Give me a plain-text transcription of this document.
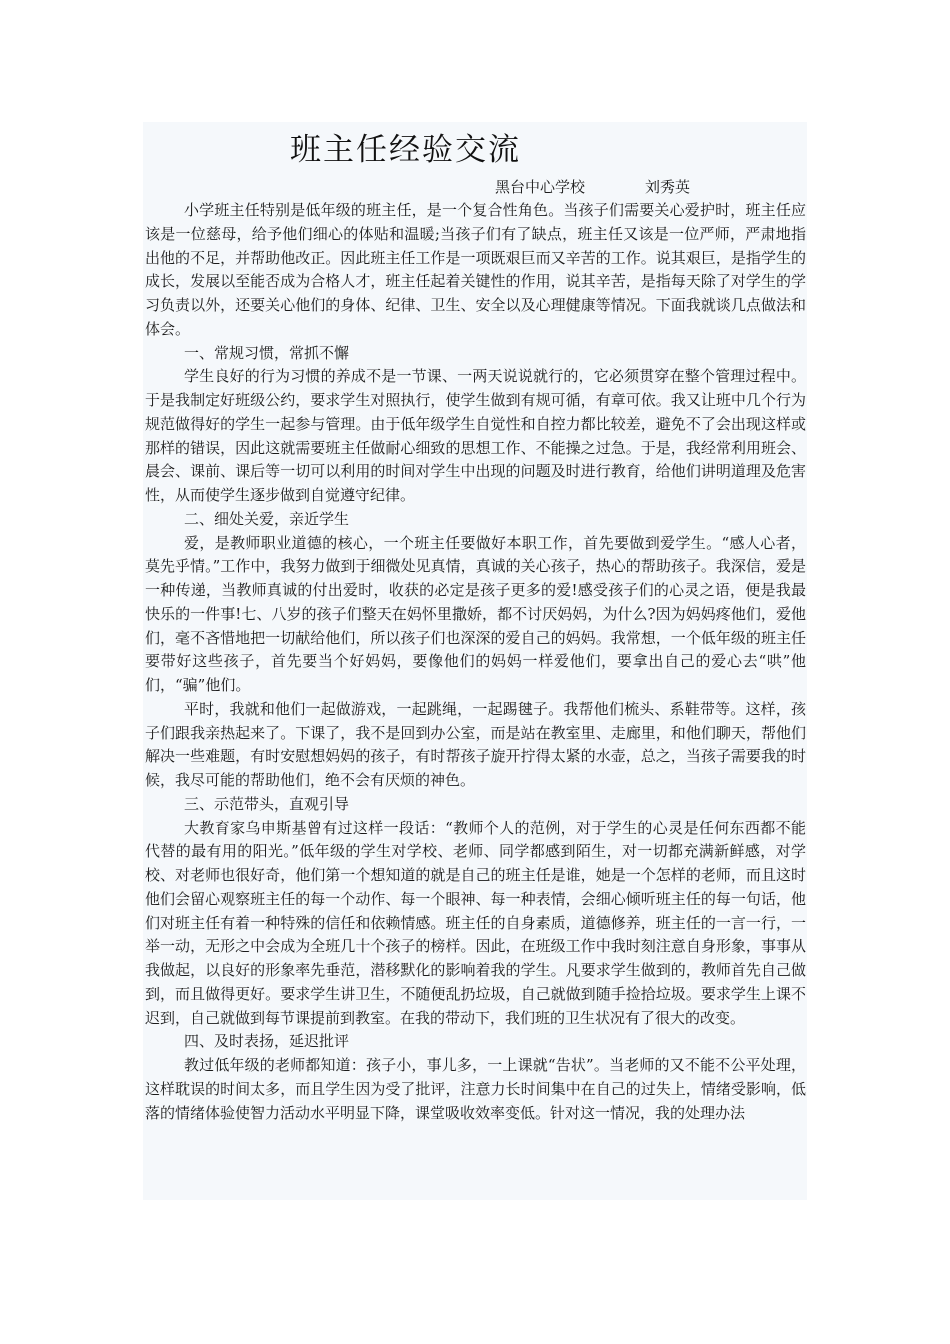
班主任经验交流
黑台中心学校	刘秀英

小学班主任特别是低年级的班主任，是一个复合性角色。当孩子们需要关心爱护时，班主任应该是一位慈母，给予他们细心的体贴和温暖;当孩子们有了缺点，班主任又该是一位严师，严肃地指出他的不足，并帮助他改正。因此班主任工作是一项既艰巨而又辛苦的工作。说其艰巨，是指学生的成长，发展以至能否成为合格人才，班主任起着关键性的作用，说其辛苦，是指每天除了对学生的学习负责以外，还要关心他们的身体、纪律、卫生、安全以及心理健康等情况。下面我就谈几点做法和体会。

一、常规习惯，常抓不懈

学生良好的行为习惯的养成不是一节课、一两天说说就行的，它必须贯穿在整个管理过程中。于是我制定好班级公约，要求学生对照执行，使学生做到有规可循，有章可依。我又让班中几个行为规范做得好的学生一起参与管理。由于低年级学生自觉性和自控力都比较差，避免不了会出现这样或那样的错误，因此这就需要班主任做耐心细致的思想工作、不能操之过急。于是，我经常利用班会、晨会、课前、课后等一切可以利用的时间对学生中出现的问题及时进行教育，给他们讲明道理及危害性，从而使学生逐步做到自觉遵守纪律。

二、细处关爱，亲近学生

爱，是教师职业道德的核心，一个班主任要做好本职工作，首先要做到爱学生。“感人心者，莫先乎情。”工作中，我努力做到于细微处见真情，真诚的关心孩子，热心的帮助孩子。我深信，爱是一种传递，当教师真诚的付出爱时，收获的必定是孩子更多的爱!感受孩子们的心灵之语，便是我最快乐的一件事!七、八岁的孩子们整天在妈怀里撒娇，都不讨厌妈妈，为什么?因为妈妈疼他们，爱他们，毫不吝惜地把一切献给他们，所以孩子们也深深的爱自己的妈妈。我常想，一个低年级的班主任要带好这些孩子，首先要当个好妈妈，要像他们的妈妈一样爱他们，要拿出自己的爱心去“哄”他们，“骗”他们。

平时，我就和他们一起做游戏，一起跳绳，一起踢毽子。我帮他们梳头、系鞋带等。这样，孩子们跟我亲热起来了。下课了，我不是回到办公室，而是站在教室里、走廊里，和他们聊天，帮他们解决一些难题，有时安慰想妈妈的孩子，有时帮孩子旋开拧得太紧的水壶，总之，当孩子需要我的时候，我尽可能的帮助他们，绝不会有厌烦的神色。

三、示范带头，直观引导

大教育家乌申斯基曾有过这样一段话：“教师个人的范例，对于学生的心灵是任何东西都不能代替的最有用的阳光。”低年级的学生对学校、老师、同学都感到陌生，对一切都充满新鲜感，对学校、对老师也很好奇，他们第一个想知道的就是自己的班主任是谁，她是一个怎样的老师，而且这时他们会留心观察班主任的每一个动作、每一个眼神、每一种表情，会细心倾听班主任的每一句话，他们对班主任有着一种特殊的信任和依赖情感。班主任的自身素质，道德修养，班主任的一言一行，一举一动，无形之中会成为全班几十个孩子的榜样。因此，在班级工作中我时刻注意自身形象，事事从我做起，以良好的形象率先垂范，潜移默化的影响着我的学生。凡要求学生做到的，教师首先自己做到，而且做得更好。要求学生讲卫生，不随便乱扔垃圾，自己就做到随手捡拾垃圾。要求学生上课不迟到，自己就做到每节课提前到教室。在我的带动下，我们班的卫生状况有了很大的改变。

四、及时表扬，延迟批评

教过低年级的老师都知道：孩子小，事儿多，一上课就“告状”。当老师的又不能不公平处理，这样耽误的时间太多，而且学生因为受了批评，注意力长时间集中在自己的过失上，情绪受影响，低落的情绪体验使智力活动水平明显下降，课堂吸收效率变低。针对这一情况，我的处理办法
